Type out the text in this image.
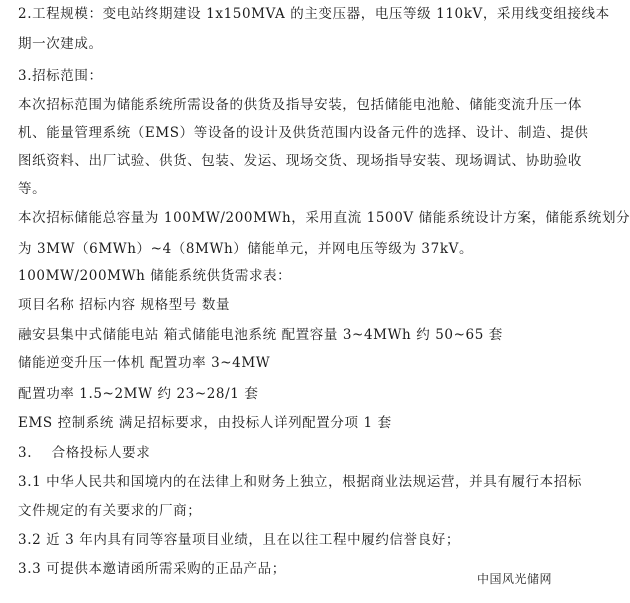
2.工程规模：变电站终期建设 1x150MVA 的主变压器，电压等级 110kV，采用线变组接线本
期一次建成。
3.招标范围：
本次招标范围为储能系统所需设备的供货及指导安装，包括储能电池舱、储能变流升压一体
机、能量管理系统（EMS）等设备的设计及供货范围内设备元件的选择、设计、制造、提供
图纸资料、出厂试验、供货、包装、发运、现场交货、现场指导安装、现场调试、协助验收
等。
本次招标储能总容量为 100MW/200MWh，采用直流 1500V 储能系统设计方案，储能系统划分
为 3MW（6MWh）~4（8MWh）储能单元，并网电压等级为 37kV。
100MW/200MWh 储能系统供货需求表：
项目名称 招标内容 规格型号 数量
融安县集中式储能电站 箱式储能电池系统 配置容量 3~4MWh 约 50~65 套
储能逆变升压一体机 配置功率 3~4MW
配置功率 1.5~2MW 约 23~28/1 套
EMS 控制系统 满足招标要求，由投标人详列配置分项 1 套
3.    合格投标人要求
3.1 中华人民共和国境内的在法律上和财务上独立，根据商业法规运营，并具有履行本招标
文件规定的有关要求的厂商；
3.2 近 3 年内具有同等容量项目业绩，且在以往工程中履约信誉良好；
3.3 可提供本邀请函所需采购的正品产品；
中国风光储网
